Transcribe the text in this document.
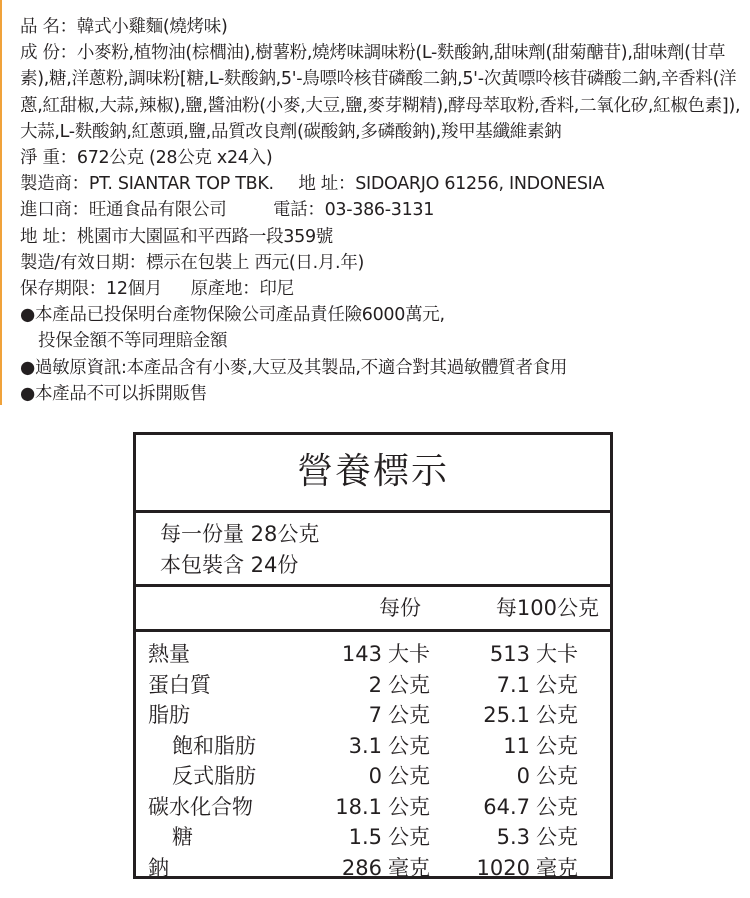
品 名：韓式小雞麵(燒烤味)
成 份：小麥粉,植物油(棕櫚油),樹薯粉,燒烤味調味粉(L-麩酸鈉,甜味劑(甜菊醣苷),甜味劑(甘草素),糖,洋蔥粉,調味粉[糖,L-麩酸鈉,5'-鳥嘌呤核苷磷酸二鈉,5'-次黃嘌呤核苷磷酸二鈉,辛香料(洋蔥,紅甜椒,大蒜,辣椒),鹽,醬油粉(小麥,大豆,鹽,麥芽糊精),酵母萃取粉,香料,二氧化矽,紅椒色素]),大蒜,L-麩酸鈉,紅蔥頭,鹽,品質改良劑(碳酸鈉,多磷酸鈉),羧甲基纖維素鈉
淨 重：672公克 (28公克 x24入)
製造商：PT. SIANTAR TOP TBK. 地 址：SIDOARJO 61256, INDONESIA
進口商：旺通食品有限公司	電話：03-386-3131
地 址：桃園市大園區和平西路一段359號
製造/有效日期：標示在包裝上 西元(日.月.年)
保存期限：12個月 原產地：印尼
●本產品已投保明台產物保險公司產品責任險6000萬元,
投保金額不等同理賠金額
●過敏原資訊:本產品含有小麥,大豆及其製品,不適合對其過敏體質者食用
●本產品不可以拆開販售
營養標示
每一份量 28公克
本包裝含 24份
每份	每100公克
熱量	143 大卡	513 大卡
蛋白質	2 公克	7.1 公克
脂肪	7 公克	25.1 公克
飽和脂肪	3.1 公克	11 公克
反式脂肪	0 公克	0 公克
碳水化合物	18.1 公克	64.7 公克
糖	1.5 公克	5.3 公克
鈉	286 毫克	1020 毫克
